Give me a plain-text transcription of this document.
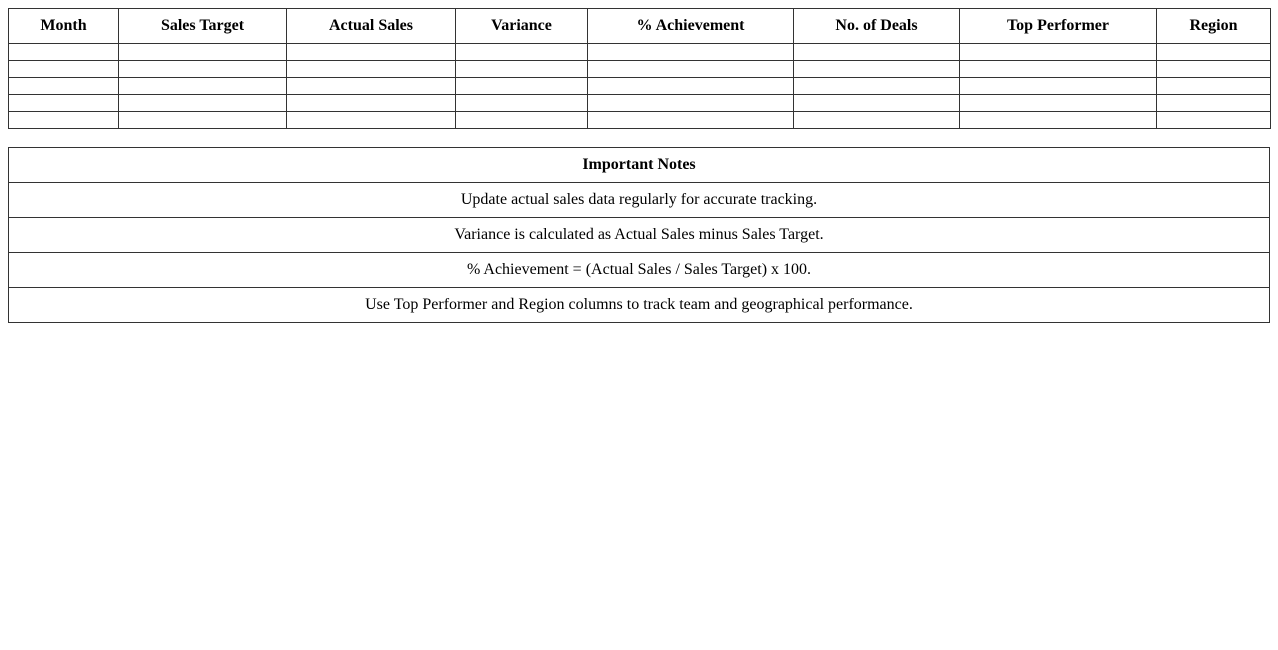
Month	Sales Target	Actual Sales	Variance	% Achievement	No. of Deals	Top Performer	Region

Important Notes
Update actual sales data regularly for accurate tracking.
Variance is calculated as Actual Sales minus Sales Target.
% Achievement = (Actual Sales / Sales Target) x 100.
Use Top Performer and Region columns to track team and geographical performance.
